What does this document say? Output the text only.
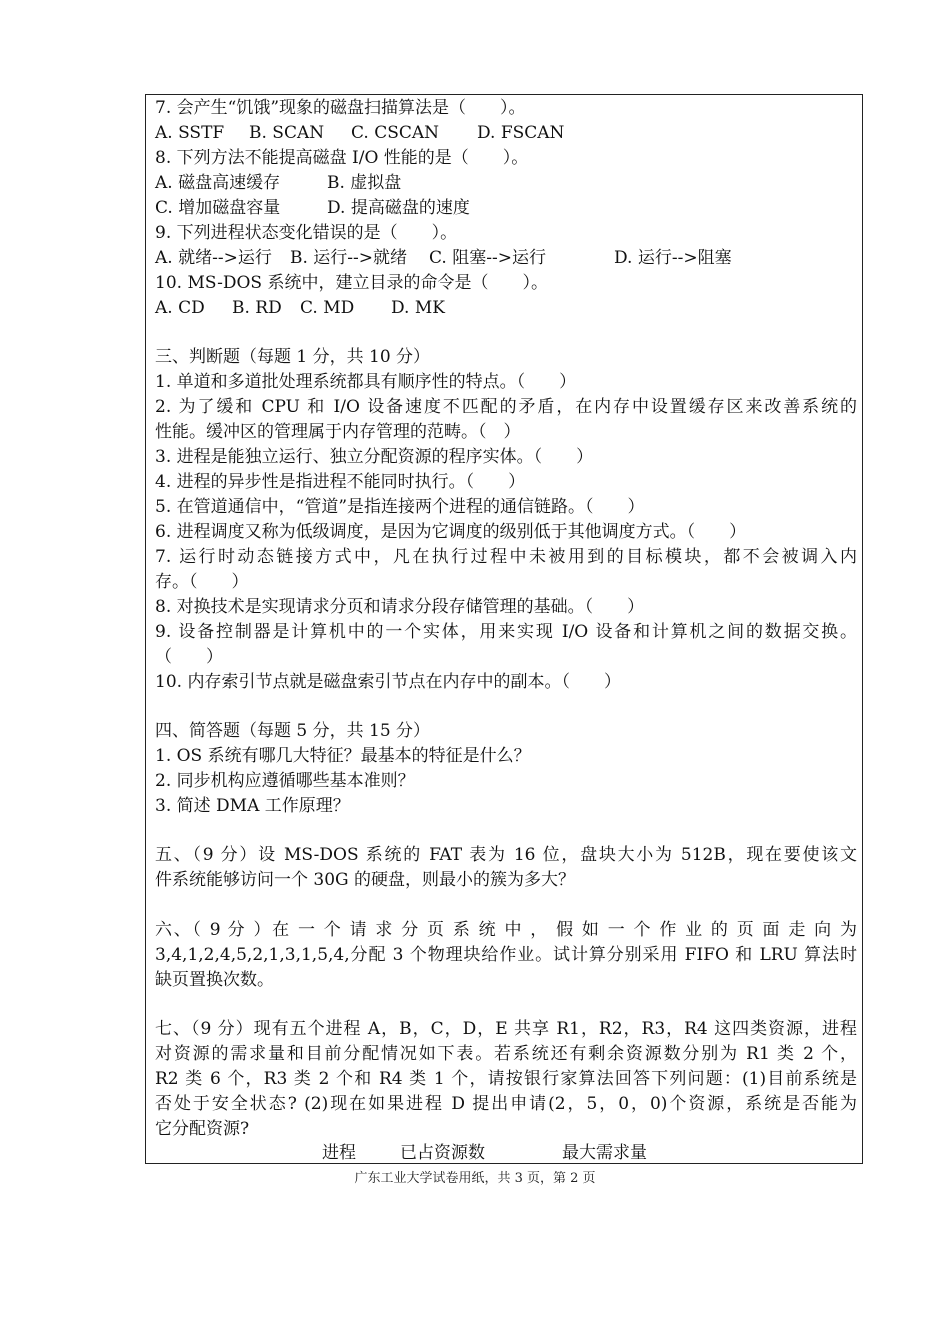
7. 会产生“饥饿”现象的磁盘扫描算法是（　　）。
A. SSTF B. SCAN C. CSCAN D. FSCAN
8. 下列方法不能提高磁盘 I/O 性能的是（　　）。
A. 磁盘高速缓存	B. 虚拟盘
C. 增加磁盘容量	D. 提高磁盘的速度
9. 下列进程状态变化错误的是（　　）。
A. 就绪-->运行 B. 运行-->就绪 C. 阻塞-->运行	D. 运行-->阻塞
10. MS-DOS 系统中，建立目录的命令是（　　）。
A. CD B. RD C. MD D. MK
三、判断题（每题 1 分，共 10 分）
1. 单道和多道批处理系统都具有顺序性的特点。（　　）
2. 为了缓和 CPU 和 I/O 设备速度不匹配的矛盾，在内存中设置缓存区来改善系统的
性能。缓冲区的管理属于内存管理的范畴。（　）
3. 进程是能独立运行、独立分配资源的程序实体。（　　）
4. 进程的异步性是指进程不能同时执行。（　　）
5. 在管道通信中，“管道”是指连接两个进程的通信链路。（　　）
6. 进程调度又称为低级调度，是因为它调度的级别低于其他调度方式。（　　）
7. 运行时动态链接方式中，凡在执行过程中未被用到的目标模块，都不会被调入内
存。（　　）
8. 对换技术是实现请求分页和请求分段存储管理的基础。（　　）
9. 设备控制器是计算机中的一个实体，用来实现 I/O 设备和计算机之间的数据交换。
（　　）
10. 内存索引节点就是磁盘索引节点在内存中的副本。（　　）
四、简答题（每题 5 分，共 15 分）
1. OS 系统有哪几大特征？最基本的特征是什么？
2. 同步机构应遵循哪些基本准则？
3. 简述 DMA 工作原理？
五、（9 分）设 MS-DOS 系统的 FAT 表为 16 位，盘块大小为 512B，现在要使该文
件系统能够访问一个 30G 的硬盘，则最小的簇为多大？
六、（ 9 分 ）在 一 个 请 求 分 页 系 统 中 ， 假 如 一 个 作 业 的 页 面 走 向 为
3,4,1,2,4,5,2,1,3,1,5,4,分配 3 个物理块给作业。试计算分别采用 FIFO 和 LRU 算法时
缺页置换次数。
七、（9 分）现有五个进程 A，B，C，D，E 共享 R1，R2，R3，R4 这四类资源，进程
对资源的需求量和目前分配情况如下表。若系统还有剩余资源数分别为 R1 类 2 个，
R2 类 6 个，R3 类 2 个和 R4 类 1 个，请按银行家算法回答下列问题：(1)目前系统是
否处于安全状态? (2)现在如果进程 D 提出申请(2，5，0，0)个资源，系统是否能为
它分配资源?
进程	已占资源数	最大需求量
广东工业大学试卷用纸，共 3 页，第 2 页
